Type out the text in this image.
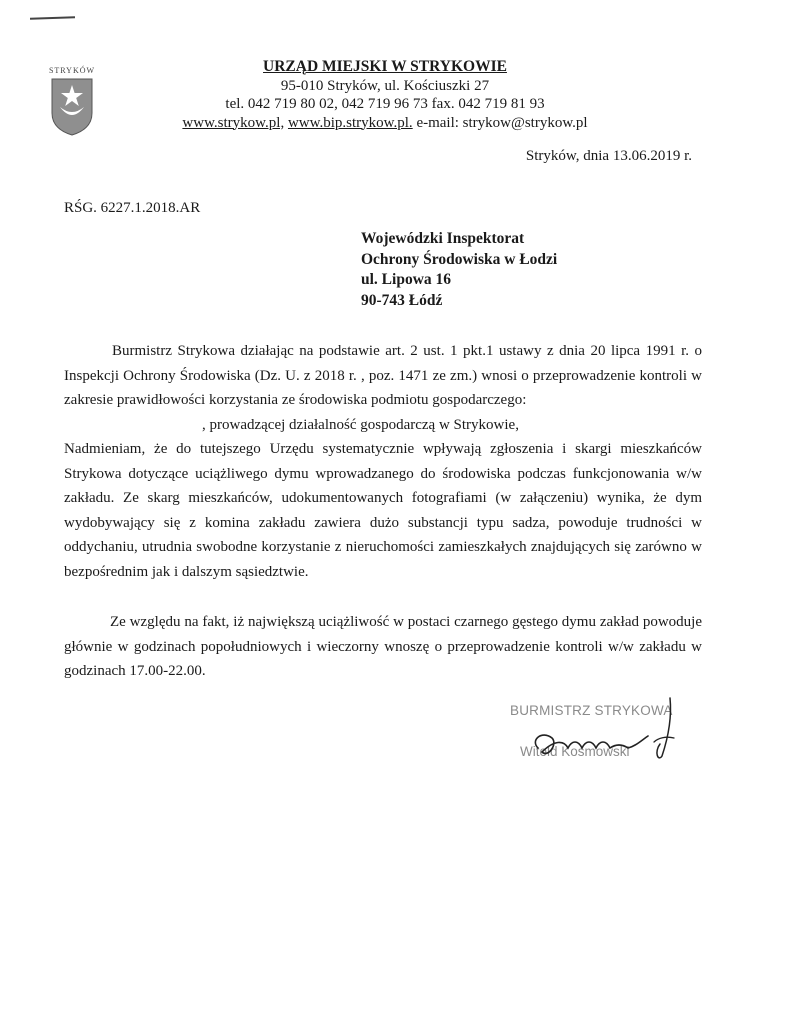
STRYKÓW	URZĄD MIEJSKI W STRYKOWIE
95-010 Stryków, ul. Kościuszki 27
tel. 042 719 80 02, 042 719 96 73 fax. 042 719 81 93
www.strykow.pl, www.bip.strykow.pl. e-mail: strykow@strykow.pl
Stryków, dnia 13.06.2019 r.
RŚG. 6227.1.2018.AR
Wojewódzki Inspektorat
Ochrony Środowiska w Łodzi
ul. Lipowa 16
90-743 Łódź
Burmistrz Strykowa działając na podstawie art. 2 ust. 1 pkt.1 ustawy z dnia 20 lipca 1991 r. o Inspekcji Ochrony Środowiska (Dz. U. z 2018 r. , poz. 1471 ze zm.) wnosi o przeprowadzenie kontroli w zakresie prawidłowości korzystania ze środowiska podmiotu gospodarczego:
, prowadzącej działalność gospodarczą w Strykowie,
Nadmieniam, że do tutejszego Urzędu systematycznie wpływają zgłoszenia i skargi mieszkańców Strykowa dotyczące uciążliwego dymu wprowadzanego do środowiska podczas funkcjonowania w/w zakładu. Ze skarg mieszkańców, udokumentowanych fotografiami (w załączeniu) wynika, że dym wydobywający się z komina zakładu zawiera dużo substancji typu sadza, powoduje trudności w oddychaniu, utrudnia swobodne korzystanie z nieruchomości zamieszkałych znajdujących się zarówno w bezpośrednim jak i dalszym sąsiedztwie.
Ze względu na fakt, iż największą uciążliwość w postaci czarnego gęstego dymu zakład powoduje głównie w godzinach popołudniowych i wieczorny wnoszę o przeprowadzenie kontroli w/w zakładu w godzinach 17.00-22.00.
BURMISTRZ STRYKOWA
Witold Kosmowski
